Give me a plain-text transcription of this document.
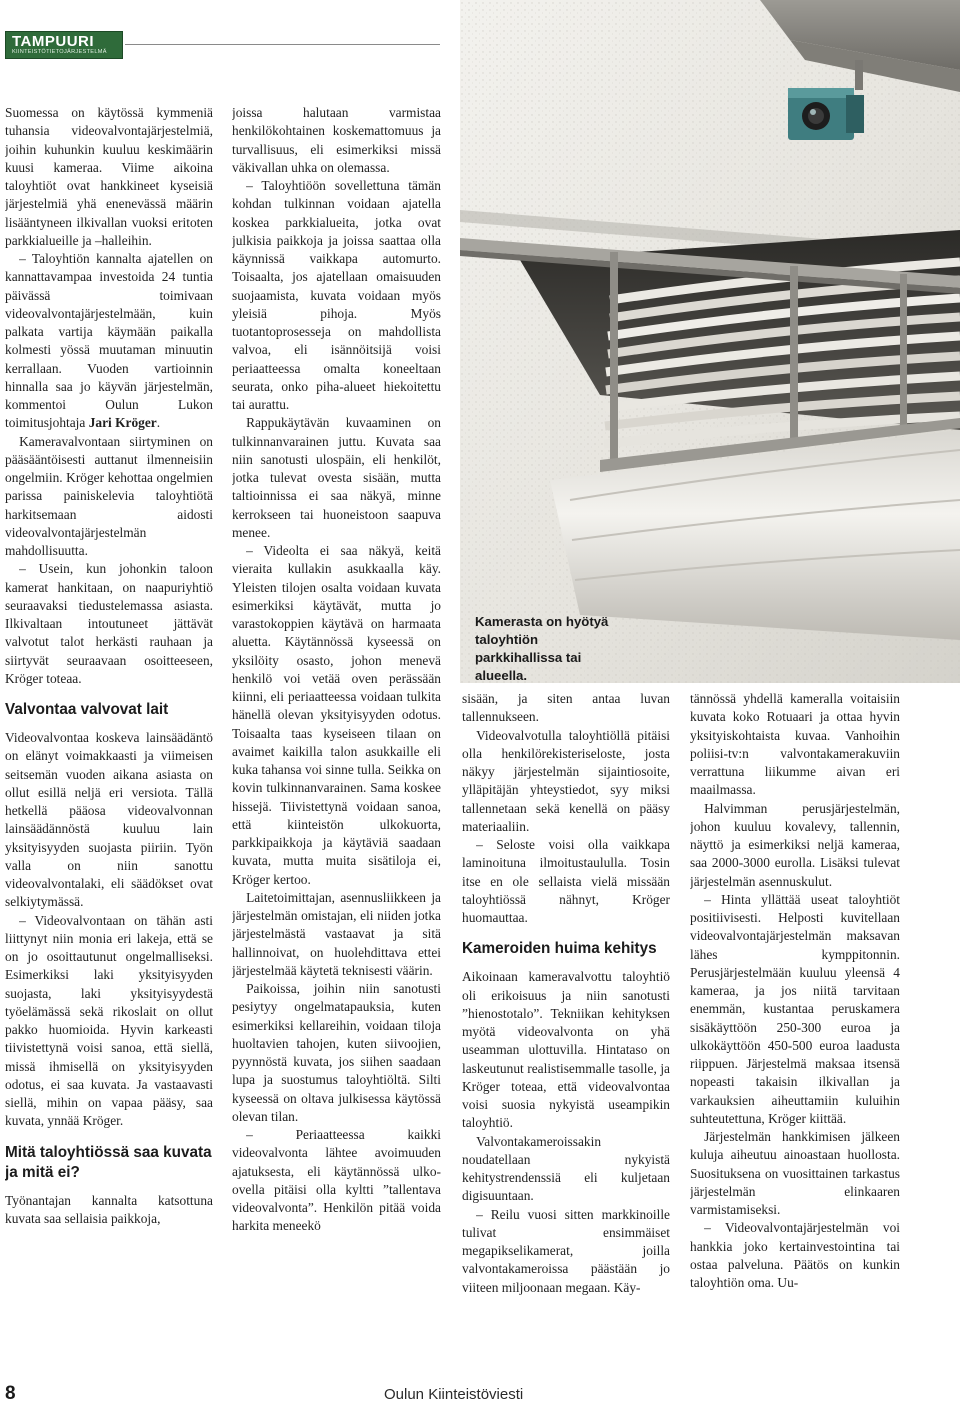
TAMPUURI
KIINTEISTÖTIETOJÄRJESTELMÄ

Suomessa on käytössä kymmeniä tuhansia videovalvontajärjestelmiä, joihin kuhunkin kuuluu keskimäärin kuusi kameraa. Viime aikoina taloyhtiöt ovat hankkineet kyseisiä järjestelmiä yhä enenevässä määrin lisääntyneen ilkivallan vuoksi eritoten parkkialueille ja –halleihin.

– Taloyhtiön kannalta ajatellen on kannattavampaa investoida 24 tuntia päivässä toimivaan videovalvontajärjestelmään, kuin palkata vartija käymään paikalla kolmesti yössä muutaman minuutin kerrallaan. Vuoden vartioinnin hinnalla saa jo käyvän järjestelmän, kommentoi Oulun Lukon toimitusjohtaja Jari Kröger.

Kameravalvontaan siirtyminen on pääsääntöisesti auttanut ilmenneisiin ongelmiin. Kröger kehottaa ongelmien parissa painiskelevia taloyhtiötä harkitsemaan aidosti videovalvontajärjestelmän mahdollisuutta.

– Usein, kun johonkin taloon kamerat hankitaan, on naapuriyhtiö seuraavaksi tiedustelemassa asiasta. Ilkivaltaan intoutuneet jättävät valvotut talot herkästi rauhaan ja siirtyvät seuraavaan osoitteeseen, Kröger toteaa.

Valvontaa valvovat lait

Videovalvontaa koskeva lainsäädäntö on elänyt voimakkaasti ja viimeisen seitsemän vuoden aikana asiasta on ollut esillä neljä eri versiota. Tällä hetkellä pääosa videovalvonnan lainsäädännöstä kuuluu lain yksityisyyden suojasta piiriin. Työn valla on niin sanottu videovalvontalaki, eli säädökset ovat selkiytymässä.

– Videovalvontaan on tähän asti liittynyt niin monia eri lakeja, että se on jo osoittautunut ongelmalliseksi. Esimerkiksi laki yksityisyyden suojasta, laki yksityisyydestä työelämässä sekä rikoslait on ollut pakko huomioida. Hyvin karkeasti tiivistettynä voisi sanoa, että siellä, missä ihmisellä on yksityisyyden odotus, ei saa kuvata. Ja vastaavasti siellä, mihin on vapaa pääsy, saa kuvata, ynnää Kröger.

Mitä taloyhtiössä saa kuvata ja mitä ei?

Työnantajan kannalta katsottuna kuvata saa sellaisia paikkoja,

joissa halutaan varmistaa henkilökohtainen koskemattomuus ja turvallisuus, eli esimerkiksi missä väkivallan uhka on olemassa.

– Taloyhtiöön sovellettuna tämän kohdan tulkinnan voidaan ajatella koskea parkkialueita, jotka ovat julkisia paikkoja ja joissa saattaa olla käynnissä vaikkapa automurto. Toisaalta, jos ajatellaan omaisuuden suojaamista, kuvata voidaan myös yleisiä pihoja. Myös tuotantoprosesseja on mahdollista valvoa, eli isännöitsijä voisi periaatteessa omalta koneeltaan seurata, onko piha-alueet hiekoitettu tai aurattu.

Rappukäytävän kuvaaminen on tulkinnanvarainen juttu. Kuvata saa niin sanotusti ulospäin, eli henkilöt, jotka tulevat ovesta sisään, mutta taltioinnissa ei saa näkyä, minne kerrokseen tai huoneistoon saapuva menee.

– Videolta ei saa näkyä, keitä vieraita kullakin asukkaalla käy. Yleisten tilojen osalta voidaan kuvata esimerkiksi käytävät, mutta jo varastokoppien käytävä on harmaata aluetta. Käytännössä kyseessä on yksilöity osasto, johon menevä henkilö voi vetää oven perässään kiinni, eli periaatteessa voidaan tulkita hänellä olevan yksityisyyden odotus. Toisaalta taas kyseiseen tilaan on avaimet kaikilla talon asukkaille eli kuka tahansa voi sinne tulla. Seikka on kovin tulkinnanvarainen. Sama koskee hissejä. Tiivistettynä voidaan sanoa, että kiinteistön ulkokuorta, parkkipaikkoja ja käytäviä saadaan kuvata, mutta muita sisätiloja ei, Kröger kertoo.

Laitetoimittajan, asennusliikkeen ja järjestelmän omistajan, eli niiden jotka järjestelmästä vastaavat ja sitä hallinnoivat, on huolehdittava ettei järjestelmää käytetä teknisesti väärin.

Paikoissa, joihin niin sanotusti pesiytyy ongelmatapauksia, kuten esimerkiksi kellareihin, voidaan tiloja huoltavien tahojen, kuten siivoojien, pyynnöstä kuvata, jos siihen saadaan lupa ja suostumus taloyhtiöltä. Silti kyseessä on oltava julkisessa käytössä olevan tilan.

– Periaatteessa kaikki videovalvonta lähtee avoimuuden ajatuksesta, eli käytännössä ulko-ovella pitäisi olla kyltti ”tallentava videovalvonta”. Henkilön pitää voida harkita meneekö

sisään, ja siten antaa luvan tallennukseen.

Videovalvotulla taloyhtiöllä pitäisi olla henkilörekisteriseloste, josta näkyy järjestelmän sijaintiosoite, ylläpitäjän yhteystiedot, syy miksi tallennetaan sekä kenellä on pääsy materiaaliin.

– Seloste voisi olla vaikkapa laminoituna ilmoitustaululla. Tosin itse en ole sellaista vielä missään taloyhtiössä nähnyt, Kröger huomauttaa.

Kameroiden huima kehitys

Aikoinaan kameravalvottu taloyhtiö oli erikoisuus ja niin sanotusti ”hienostotalo”. Tekniikan kehityksen myötä videovalvonta on yhä useamman ulottuvilla. Hintataso on laskeutunut realistisemmalle tasolle, ja Kröger toteaa, että videovalvontaa voisi suosia nykyistä useampikin taloyhtiö.

Valvontakameroissakin noudatellaan nykyistä kehitystrendenssiä eli kuljetaan digisuuntaan.

– Reilu vuosi sitten markkinoille tulivat ensimmäiset megapikselikamerat, joilla valvontakameroissa päästään jo viiteen miljoonaan megaan. Käy-

tännössä yhdellä kameralla voitaisiin kuvata koko Rotuaari ja ottaa hyvin yksityiskohtaista kuvaa. Vanhoihin poliisi-tv:n valvontakamerakuviin verrattuna liikumme aivan eri maailmassa.

Halvimman perusjärjestelmän, johon kuuluu kovalevy, tallennin, näyttö ja esimerkiksi neljä kameraa, saa 2000-3000 eurolla. Lisäksi tulevat järjestelmän asennuskulut.

– Hinta yllättää useat taloyhtiöt positiivisesti. Helposti kuvitellaan videovalvontajärjestelmän maksavan lähes kymppitonnin. Perusjärjestelmään kuuluu yleensä 4 kameraa, ja jos niitä tarvitaan enemmän, kustantaa peruskamera sisäkäyttöön 250-300 euroa ja ulkokäyttöön 450-500 euroa laadusta riippuen. Järjestelmä maksaa itsensä nopeasti takaisin ilkivallan ja varkauksien aiheuttamiin kuluihin suhteutettuna, Kröger kiittää.

Järjestelmän hankkimisen jälkeen kuluja aiheutuu ainoastaan huollosta. Suosituksena on vuosittainen tarkastus järjestelmän elinkaaren varmistamiseksi.

– Videovalvontajärjestelmän voi hankkia joko kertainvestointina tai ostaa palveluna. Päätös on kunkin taloyhtiön oma. Uu-

Kamerasta on hyötyä taloyhtiön parkkihallissa tai alueella.
8	Oulun Kiinteistöviesti
